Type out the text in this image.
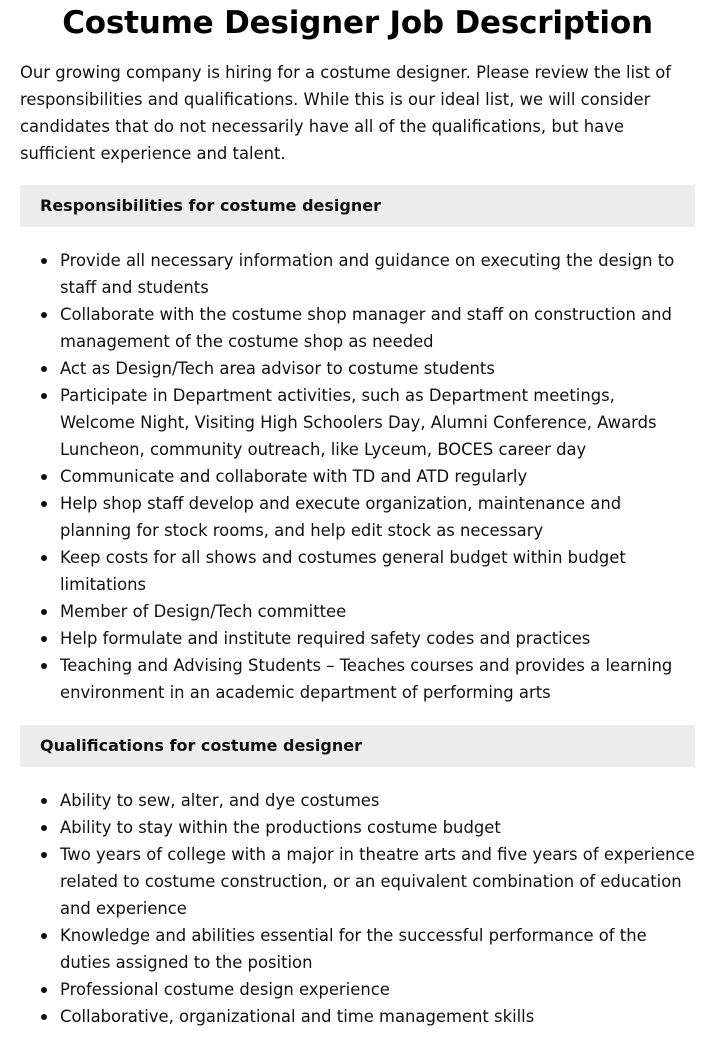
Costume Designer Job Description

Our growing company is hiring for a costume designer. Please review the list of responsibilities and qualifications. While this is our ideal list, we will consider candidates that do not necessarily have all of the qualifications, but have sufficient experience and talent.

Responsibilities for costume designer
Provide all necessary information and guidance on executing the design to staff and students
Collaborate with the costume shop manager and staff on construction and management of the costume shop as needed
Act as Design/Tech area advisor to costume students
Participate in Department activities, such as Department meetings, Welcome Night, Visiting High Schoolers Day, Alumni Conference, Awards Luncheon, community outreach, like Lyceum, BOCES career day
Communicate and collaborate with TD and ATD regularly
Help shop staff develop and execute organization, maintenance and planning for stock rooms, and help edit stock as necessary
Keep costs for all shows and costumes general budget within budget limitations
Member of Design/Tech committee
Help formulate and institute required safety codes and practices
Teaching and Advising Students – Teaches courses and provides a learning environment in an academic department of performing arts
Qualifications for costume designer
Ability to sew, alter, and dye costumes
Ability to stay within the productions costume budget
Two years of college with a major in theatre arts and five years of experience related to costume construction, or an equivalent combination of education and experience
Knowledge and abilities essential for the successful performance of the duties assigned to the position
Professional costume design experience
Collaborative, organizational and time management skills
